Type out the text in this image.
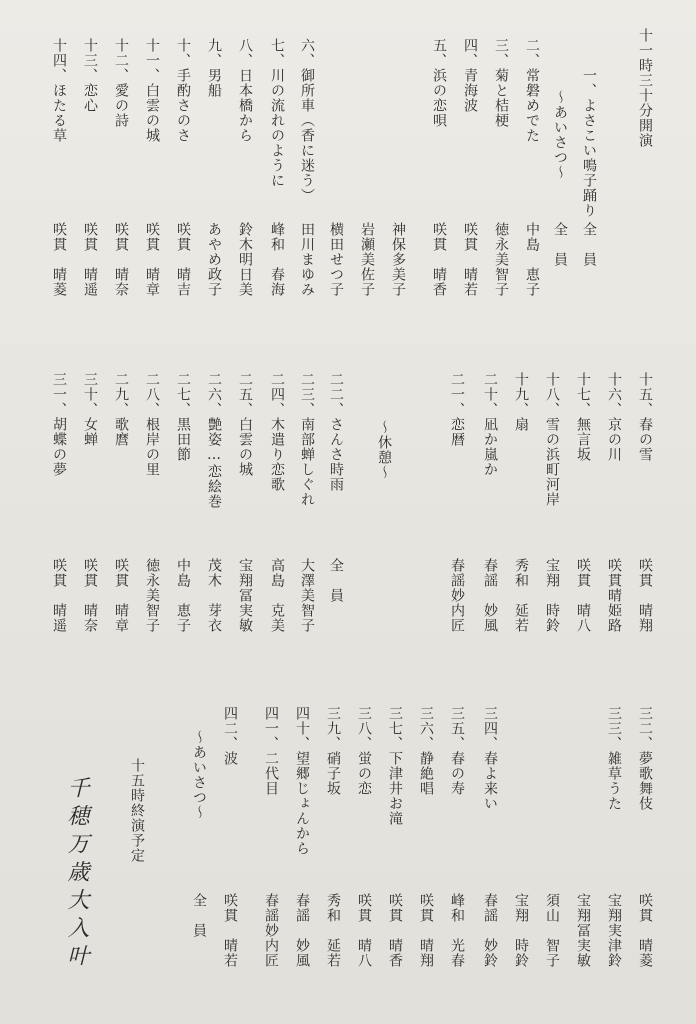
十一時三十分開演
一、よさこい鳴子踊り
～あいさつ～
二、常磐めでた
三、菊と桔梗
四、青海波
五、浜の恋唄
六、御所車（香に迷う）
七、川の流れのように
八、日本橋から
九、男船
十、手酌さのさ
十一、白雲の城
十二、愛の詩
十三、恋心
十四、ほたる草
全　員
全　員
中島　恵子
徳永美智子
咲貫　晴若
咲貫　晴香
神保多美子
岩瀬美佐子
横田せつ子
田川まゆみ
峰和　春海
鈴木明日美
あやめ政子
咲貫　晴吉
咲貫　晴章
咲貫　晴奈
咲貫　晴遥
咲貫　晴菱
十五、春の雪
十六、京の川
十七、無言坂
十八、雪の浜町河岸
十九、扇
二十、凪か嵐か
二一、恋暦
～休憩～
二二、さんさ時雨
二三、南部蝉しぐれ
二四、木遣り恋歌
二五、白雲の城
二六、艶姿…恋絵巻
二七、黒田節
二八、根岸の里
二九、歌麿
三十、女蝉
三一、胡蝶の夢
咲貫　晴翔
咲貫晴姫路
咲貫　晴八
宝翔　時鈴
秀和　延若
春謡　妙風
春謡妙内匠
全　員
大澤美智子
高島　克美
宝翔冨実敏
茂木　芽衣
中島　恵子
徳永美智子
咲貫　晴章
咲貫　晴奈
咲貫　晴遥
三二、夢歌舞伎
三三、雑草うた
三四、春よ来い
三五、春の寿
三六、静絶唱
三七、下津井お滝
三八、蛍の恋
三九、硝子坂
四十、望郷じょんから
四一、二代目
四二、波
～あいさつ～
咲貫　晴菱
宝翔実津鈴
宝翔冨実敏
須山　智子
宝翔　時鈴
春謡　妙鈴
峰和　光春
咲貫　晴翔
咲貫　晴香
咲貫　晴八
秀和　延若
春謡　妙風
春謡妙内匠
咲貫　晴若
全　員
十五時終演予定
千穂万歳大入叶
